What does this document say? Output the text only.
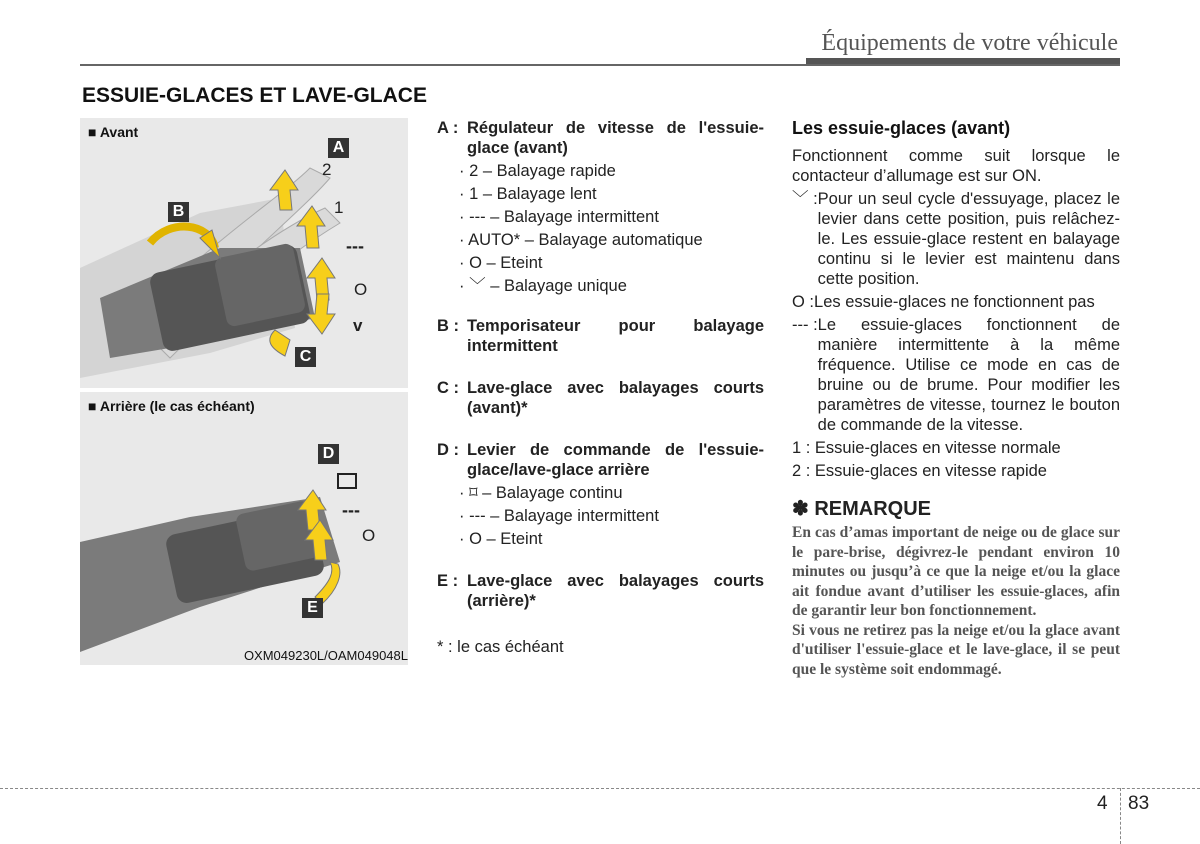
Équipements de votre véhicule
ESSUIE-GLACES ET LAVE-GLACE
■ Avant
A
B
C
2
1
---
O
v
■ Arrière (le cas échéant)
D
E
---
O
OXM049230L/OAM049048L
A : Régulateur de vitesse de l'essuie-glace (avant)
· 2 – Balayage rapide
· 1 – Balayage lent
· --- – Balayage intermittent
· AUTO* – Balayage automatique
· O – Eteint
· ﹀ – Balayage unique
B : Temporisateur pour balayage intermittent
C : Lave-glace avec balayages courts (avant)*
D : Levier de commande de l'essuie-glace/lave-glace arrière
· ⌑ – Balayage continu
· --- – Balayage intermittent
· O – Eteint
E : Lave-glace avec balayages courts (arrière)*
* : le cas échéant
Les essuie-glaces (avant)
Fonctionnent comme suit lorsque le contacteur d’allumage est sur ON.
﹀ : Pour un seul cycle d'essuyage, placez le levier dans cette position, puis relâchez-le. Les essuie-glace restent en balayage continu si le levier est maintenu dans cette position.
O : Les essuie-glaces ne fonctionnent pas
--- : Le essuie-glaces fonctionnent de manière intermittente à la même fréquence. Utilise ce mode en cas de bruine ou de brume. Pour modifier les paramètres de vitesse, tournez le bouton de commande de la vitesse.
1 : Essuie-glaces en vitesse normale
2 : Essuie-glaces en vitesse rapide
✽ REMARQUE
En cas d’amas important de neige ou de glace sur le pare-brise, dégivrez-le pendant environ 10 minutes ou jusqu’à ce que la neige et/ou la glace ait fondue avant d’utiliser les essuie-glaces, afin de garantir leur bon fonctionnement.
Si vous ne retirez pas la neige et/ou la glace avant d'utiliser l'essuie-glace et le lave-glace, il se peut que le système soit endommagé.
4 83
